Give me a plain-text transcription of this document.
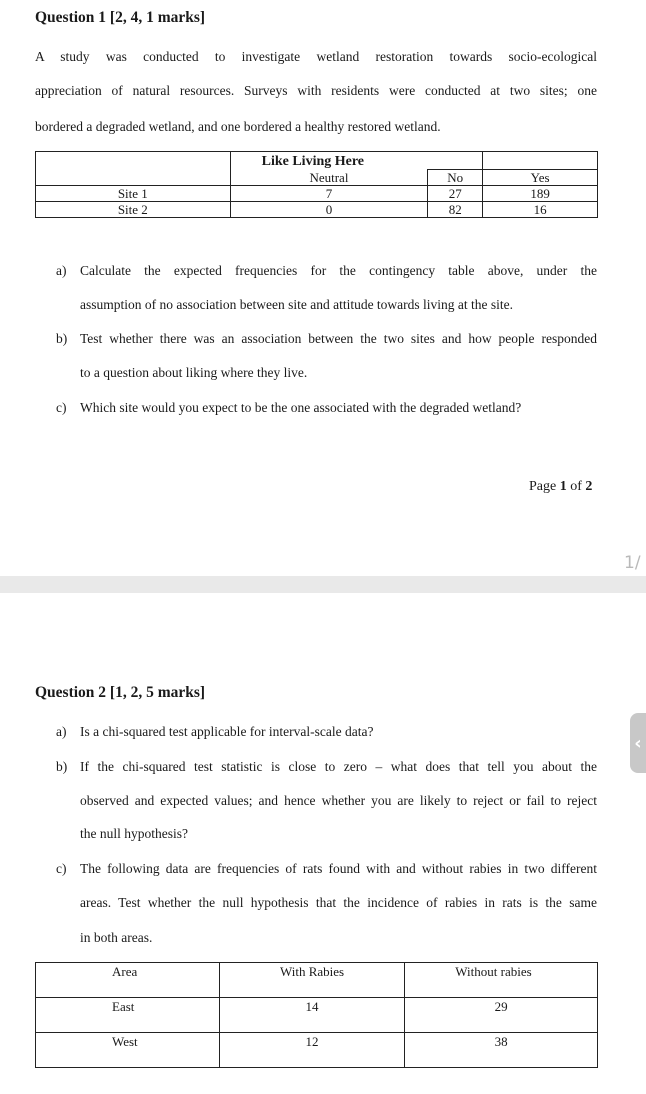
Question 1 [2, 4, 1 marks]
A study was conducted to investigate wetland restoration towards socio-ecological
appreciation of natural resources. Surveys with residents were conducted at two sites; one
bordered a degraded wetland, and one bordered a healthy restored wetland.
	Like Living Here		
	Neutral	No	Yes
Site 1	7	27	189
Site 2	0	82	16
a) Calculate the expected frequencies for the contingency table above, under the
assumption of no association between site and attitude towards living at the site.
b) Test whether there was an association between the two sites and how people responded
to a question about liking where they live.
c) Which site would you expect to be the one associated with the degraded wetland?
Page 1 of 2
1/
Question 2 [1, 2, 5 marks]
‹
a) Is a chi-squared test applicable for interval-scale data?
b) If the chi-squared test statistic is close to zero – what does that tell you about the
observed and expected values; and hence whether you are likely to reject or fail to reject
the null hypothesis?
c) The following data are frequencies of rats found with and without rabies in two different
areas. Test whether the null hypothesis that the incidence of rabies in rats is the same
in both areas.
Area	With Rabies	Without rabies
East	14	29
West	12	38
